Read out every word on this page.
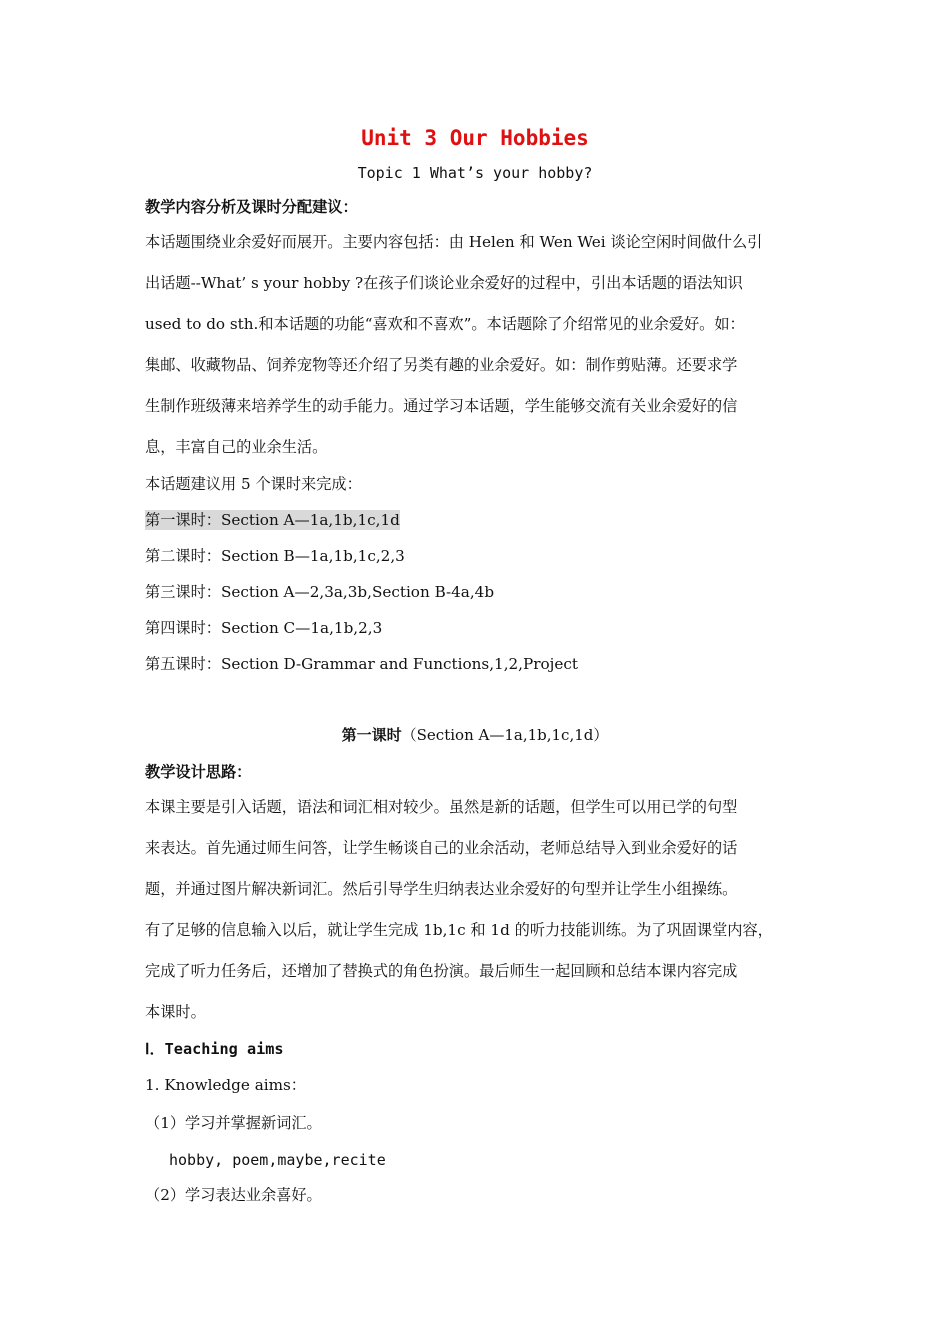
Unit 3 Our Hobbies
Topic 1 What’s your hobby?
教学内容分析及课时分配建议：
本话题围绕业余爱好而展开。主要内容包括：由 Helen 和 Wen Wei 谈论空闲时间做什么引
出话题--What’ s your hobby ?在孩子们谈论业余爱好的过程中，引出本话题的语法知识
used to do sth.和本话题的功能“喜欢和不喜欢”。本话题除了介绍常见的业余爱好。如：
集邮、收藏物品、饲养宠物等还介绍了另类有趣的业余爱好。如：制作剪贴薄。还要求学
生制作班级薄来培养学生的动手能力。通过学习本话题，学生能够交流有关业余爱好的信
息，丰富自己的业余生活。
本话题建议用 5 个课时来完成：
第一课时：Section A—1a,1b,1c,1d
第二课时：Section B—1a,1b,1c,2,3
第三课时：Section A—2,3a,3b,Section B-4a,4b
第四课时：Section C—1a,1b,2,3
第五课时：Section D-Grammar and Functions,1,2,Project
第一课时（Section A—1a,1b,1c,1d）
教学设计思路：
本课主要是引入话题，语法和词汇相对较少。虽然是新的话题，但学生可以用已学的句型
来表达。首先通过师生问答，让学生畅谈自己的业余活动，老师总结导入到业余爱好的话
题，并通过图片解决新词汇。然后引导学生归纳表达业余爱好的句型并让学生小组操练。
有了足够的信息输入以后，就让学生完成 1b,1c 和 1d 的听力技能训练。为了巩固课堂内容，
完成了听力任务后，还增加了替换式的角色扮演。最后师生一起回顾和总结本课内容完成
本课时。
Ⅰ．Teaching aims
1. Knowledge aims：
（1）学习并掌握新词汇。
hobby, poem,maybe,recite
（2）学习表达业余喜好。
